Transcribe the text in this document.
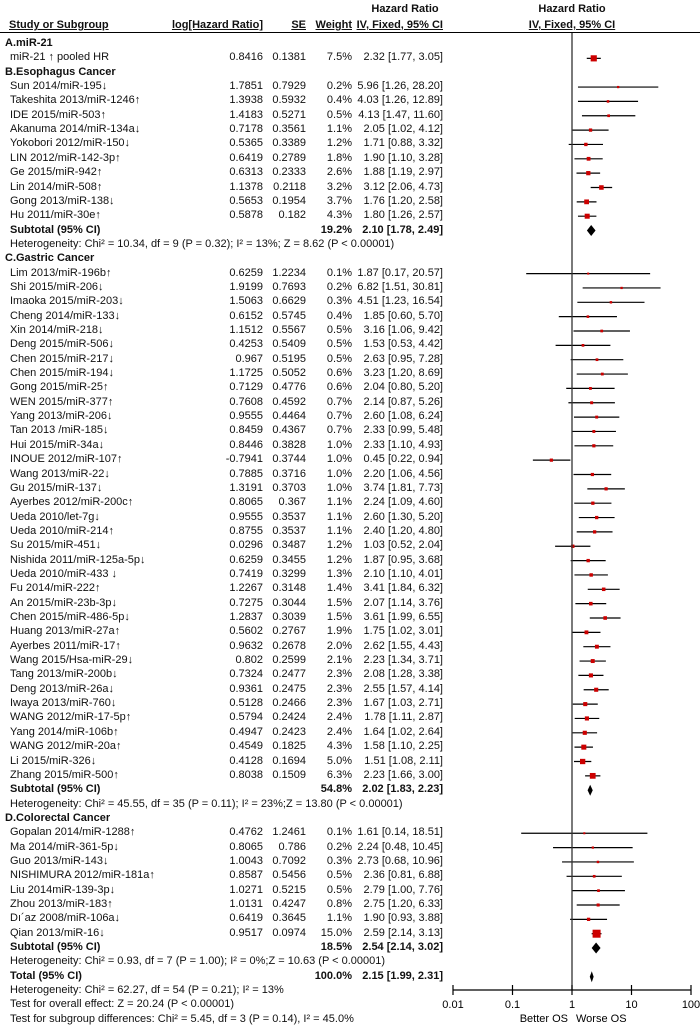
Hazard Ratio
Study or Subgroup	log[Hazard Ratio]	SE Weight IV, Fixed, 95% CI
Hazard Ratio
IV, Fixed, 95% CI
A.miR-21
miR-21 ↑ pooled HR	0.8416 0.1381	7.5%	2.32 [1.77, 3.05]
B.Esophagus Cancer
Sun 2014/miR-195↓	1.7851 0.7929	0.2% 5.96 [1.26, 28.20]
Takeshita 2013/miR-1246↑	1.3938 0.5932	0.4% 4.03 [1.26, 12.89]
IDE 2015/miR-503↑	1.4183 0.5271	0.5% 4.13 [1.47, 11.60]
Akanuma 2014/miR-134a↓	0.7178 0.3561	1.1%	2.05 [1.02, 4.12]
Yokobori 2012/miR-150↓	0.5365 0.3389	1.2%	1.71 [0.88, 3.32]
LIN 2012/miR-142-3p↑	0.6419 0.2789	1.8%	1.90 [1.10, 3.28]
Ge 2015/miR-942↑	0.6313 0.2333	2.6%	1.88 [1.19, 2.97]
Lin 2014/miR-508↑	1.1378 0.2118	3.2%	3.12 [2.06, 4.73]
Gong 2013/miR-138↓	0.5653 0.1954	3.7%	1.76 [1.20, 2.58]
Hu 2011/miR-30e↑	0.5878	0.182	4.3%	1.80 [1.26, 2.57]
Subtotal (95% CI)	19.2% 2.10 [1.78, 2.49]
Heterogeneity: Chi² = 10.34, df = 9 (P = 0.32); I² = 13%; Z = 8.62 (P < 0.00001)
C.Gastric Cancer
Lim 2013/miR-196b↑	0.6259 1.2234	0.1% 1.87 [0.17, 20.57]
Shi 2015/miR-206↓	1.9199 0.7693	0.2% 6.82 [1.51, 30.81]
Imaoka 2015/miR-203↓	1.5063 0.6629	0.3% 4.51 [1.23, 16.54]
Cheng 2014/miR-133↓	0.6152 0.5745	0.4%	1.85 [0.60, 5.70]
Xin 2014/miR-218↓	1.1512 0.5567	0.5%	3.16 [1.06, 9.42]
Deng 2015/miR-506↓	0.4253 0.5409	0.5%	1.53 [0.53, 4.42]
Chen 2015/miR-217↓	0.967 0.5195	0.5%	2.63 [0.95, 7.28]
Chen 2015/miR-194↓	1.1725 0.5052	0.6%	3.23 [1.20, 8.69]
Gong 2015/miR-25↑	0.7129 0.4776	0.6%	2.04 [0.80, 5.20]
WEN 2015/miR-377↑	0.7608 0.4592	0.7%	2.14 [0.87, 5.26]
Yang 2013/miR-206↓	0.9555 0.4464	0.7%	2.60 [1.08, 6.24]
Tan 2013 /miR-185↓	0.8459 0.4367	0.7%	2.33 [0.99, 5.48]
Hui 2015/miR-34a↓	0.8446 0.3828	1.0%	2.33 [1.10, 4.93]
INOUE 2012/miR-107↑	-0.7941 0.3744	1.0%	0.45 [0.22, 0.94]
Wang 2013/miR-22↓	0.7885 0.3716	1.0%	2.20 [1.06, 4.56]
Gu 2015/miR-137↓	1.3191 0.3703	1.0%	3.74 [1.81, 7.73]
Ayerbes 2012/miR-200c↑	0.8065	0.367	1.1%	2.24 [1.09, 4.60]
Ueda 2010/let-7g↓	0.9555 0.3537	1.1%	2.60 [1.30, 5.20]
Ueda 2010/miR-214↑	0.8755 0.3537	1.1%	2.40 [1.20, 4.80]
Su 2015/miR-451↓	0.0296 0.3487	1.2%	1.03 [0.52, 2.04]
Nishida 2011/miR-125a-5p↓	0.6259 0.3455	1.2%	1.87 [0.95, 3.68]
Ueda 2010/miR-433 ↓	0.7419 0.3299	1.3%	2.10 [1.10, 4.01]
Fu 2014/miR-222↑	1.2267 0.3148	1.4%	3.41 [1.84, 6.32]
An 2015/miR-23b-3p↓	0.7275 0.3044	1.5%	2.07 [1.14, 3.76]
Chen 2015/miR-486-5p↓	1.2837 0.3039	1.5%	3.61 [1.99, 6.55]
Huang 2013/miR-27a↑	0.5602 0.2767	1.9%	1.75 [1.02, 3.01]
Ayerbes 2011/miR-17↑	0.9632 0.2678	2.0%	2.62 [1.55, 4.43]
Wang 2015/Hsa-miR-29↓	0.802 0.2599	2.1%	2.23 [1.34, 3.71]
Tang 2013/miR-200b↓	0.7324 0.2477	2.3%	2.08 [1.28, 3.38]
Deng 2013/miR-26a↓	0.9361 0.2475	2.3%	2.55 [1.57, 4.14]
Iwaya 2013/miR-760↓	0.5128 0.2466	2.3%	1.67 [1.03, 2.71]
WANG 2012/miR-17-5p↑	0.5794 0.2424	2.4%	1.78 [1.11, 2.87]
Yang 2014/miR-106b↑	0.4947 0.2423	2.4%	1.64 [1.02, 2.64]
WANG 2012/miR-20a↑	0.4549 0.1825	4.3%	1.58 [1.10, 2.25]
Li 2015/miR-326↓	0.4128 0.1694	5.0%	1.51 [1.08, 2.11]
Zhang 2015/miR-500↑	0.8038 0.1509	6.3%	2.23 [1.66, 3.00]
Subtotal (95% CI)	54.8% 2.02 [1.83, 2.23]
Heterogeneity: Chi² = 45.55, df = 35 (P = 0.11); I² = 23%;Z = 13.80 (P < 0.00001)
D.Colorectal Cancer
Gopalan 2014/miR-1288↑	0.4762 1.2461	0.1% 1.61 [0.14, 18.51]
Ma 2014/miR-361-5p↓	0.8065	0.786	0.2% 2.24 [0.48, 10.45]
Guo 2013/miR-143↓	1.0043 0.7092	0.3% 2.73 [0.68, 10.96]
NISHIMURA 2012/miR-181a↑	0.8587 0.5456	0.5%	2.36 [0.81, 6.88]
Liu 2014miR-139-3p↓	1.0271 0.5215	0.5%	2.79 [1.00, 7.76]
Zhou 2013/miR-183↑	1.0131 0.4247	0.8%	2.75 [1.20, 6.33]
Dı´az 2008/miR-106a↓	0.6419 0.3645	1.1%	1.90 [0.93, 3.88]
Qian 2013/miR-16↓	0.9517 0.0974	15.0%	2.59 [2.14, 3.13]
Subtotal (95% CI)	18.5% 2.54 [2.14, 3.02]
Heterogeneity: Chi² = 0.93, df = 7 (P = 1.00); I² = 0%;Z = 10.63 (P < 0.00001)
Total (95% CI)	100.0% 2.15 [1.99, 2.31]
Heterogeneity: Chi² = 62.27, df = 54 (P = 0.21); I² = 13%
Test for overall effect: Z = 20.24 (P < 0.00001)
Test for subgroup differences: Chi² = 5.45, df = 3 (P = 0.14), I² = 45.0%
0.01	0.1	1	10	100
Better OS Worse OS
